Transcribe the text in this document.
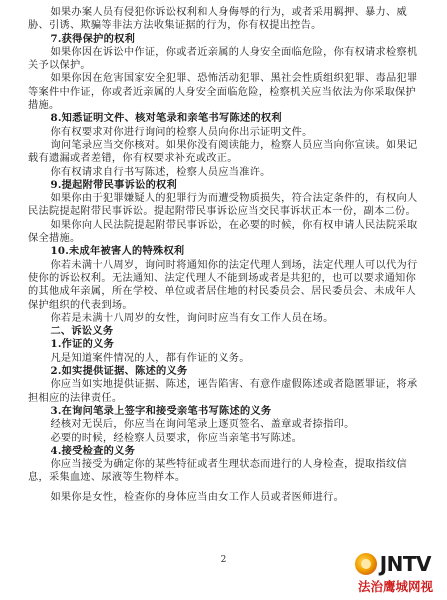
如果办案人员有侵犯你诉讼权利和人身侮辱的行为，或者采用羁押、暴力、威胁、引诱、欺骗等非法方法收集证据的行为，你有权提出控告。

7.获得保护的权利

如果你因在诉讼中作证，你或者近亲属的人身安全面临危险，你有权请求检察机关予以保护。

如果你因在危害国家安全犯罪、恐怖活动犯罪、黑社会性质组织犯罪、毒品犯罪等案件中作证，你或者近亲属的人身安全面临危险，检察机关应当依法为你采取保护措施。

8.知悉证明文件、核对笔录和亲笔书写陈述的权利

你有权要求对你进行询问的检察人员向你出示证明文件。

询问笔录应当交你核对。如果你没有阅读能力，检察人员应当向你宣读。如果记载有遗漏或者差错，你有权要求补充或改正。

你有权请求自行书写陈述，检察人员应当准许。

9.提起附带民事诉讼的权利

如果你由于犯罪嫌疑人的犯罪行为而遭受物质损失，符合法定条件的，有权向人民法院提起附带民事诉讼。提起附带民事诉讼应当交民事诉状正本一份，副本二份。

如果你向人民法院提起附带民事诉讼，在必要的时候，你有权申请人民法院采取保全措施。

10.未成年被害人的特殊权利

你若未满十八周岁，询问时将通知你的法定代理人到场，法定代理人可以代为行使你的诉讼权利。无法通知、法定代理人不能到场或者是共犯的，也可以要求通知你的其他成年亲属，所在学校、单位或者居住地的村民委员会、居民委员会、未成年人保护组织的代表到场。

你若是未满十八周岁的女性，询问时应当有女工作人员在场。

二、诉讼义务

1.作证的义务

凡是知道案件情况的人，都有作证的义务。

2.如实提供证据、陈述的义务

你应当如实地提供证据、陈述，诬告陷害、有意作虚假陈述或者隐匿罪证，将承担相应的法律责任。

3.在询问笔录上签字和接受亲笔书写陈述的义务

经核对无误后，你应当在询问笔录上逐页签名、盖章或者捺指印。

必要的时候，经检察人员要求，你应当亲笔书写陈述。

4.接受检查的义务

你应当接受为确定你的某些特征或者生理状态而进行的人身检查，提取指纹信息，采集血迹、尿液等生物样本。

如果你是女性，检查你的身体应当由女工作人员或者医师进行。

2	JNTV
法治鹰城网视
